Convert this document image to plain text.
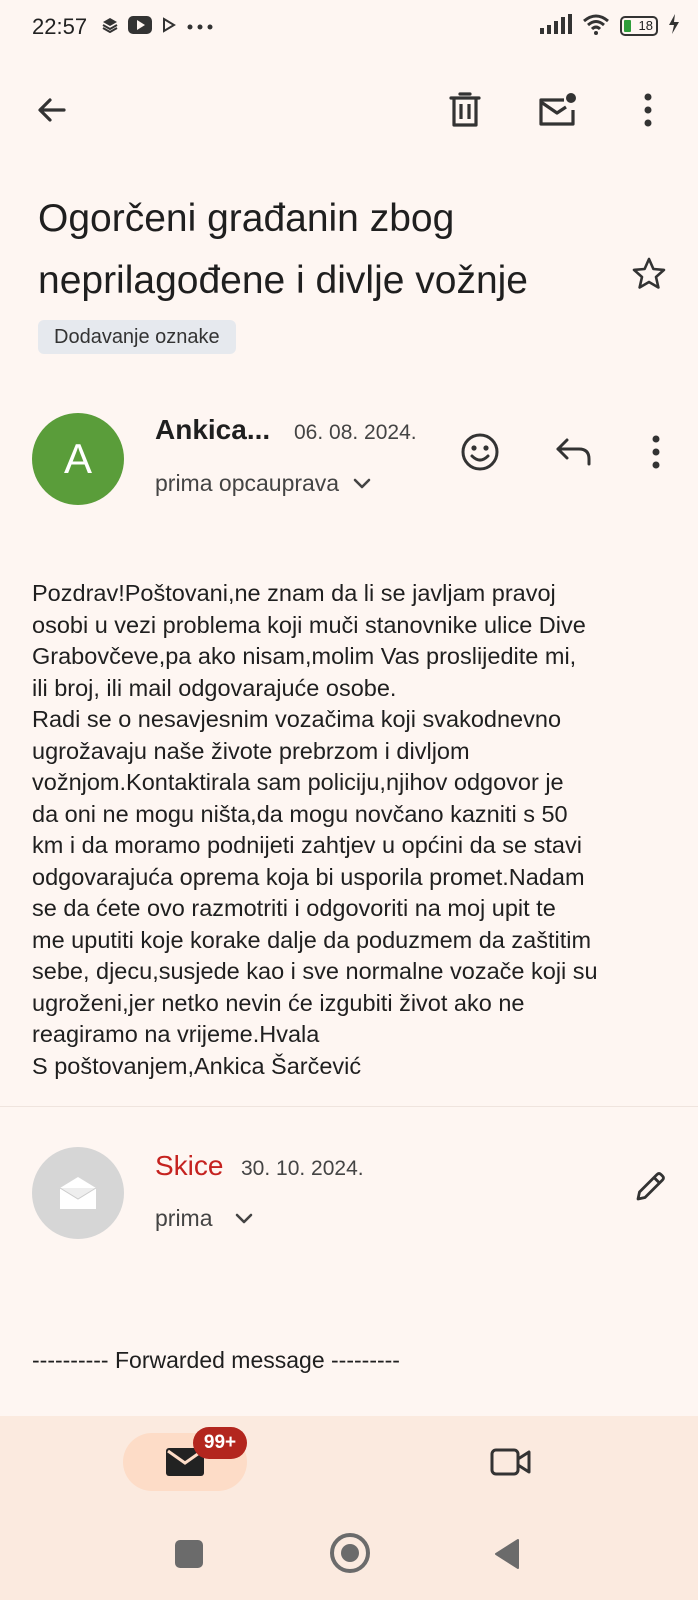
22:57	18
Ogorčeni građanin zbog
neprilagođene i divlje vožnje
Dodavanje oznake
A
Ankica... 06. 08. 2024.
prima opcauprava

Pozdrav!Poštovani,ne znam da li se javljam pravoj

osobi u vezi problema koji muči stanovnike ulice Dive

Grabovčeve,pa ako nisam,molim Vas proslijedite mi,

ili broj, ili mail odgovarajuće osobe.

Radi se o nesavjesnim vozačima koji svakodnevno

ugrožavaju naše živote prebrzom i divljom

vožnjom.Kontaktirala sam policiju,njihov odgovor je

da oni ne mogu ništa,da mogu novčano kazniti s 50

km i da moramo podnijeti zahtjev u općini da se stavi

odgovarajuća oprema koja bi usporila promet.Nadam

se da ćete ovo razmotriti i odgovoriti na moj upit te

me uputiti koje korake dalje da poduzmem da zaštitim

sebe, djecu,susjede kao i sve normalne vozače koji su

ugroženi,jer netko nevin će izgubiti život ako ne

reagiramo na vrijeme.Hvala

S poštovanjem,Ankica Šarčević

Skice 30. 10. 2024.
prima
---------- Forwarded message ---------
99+
